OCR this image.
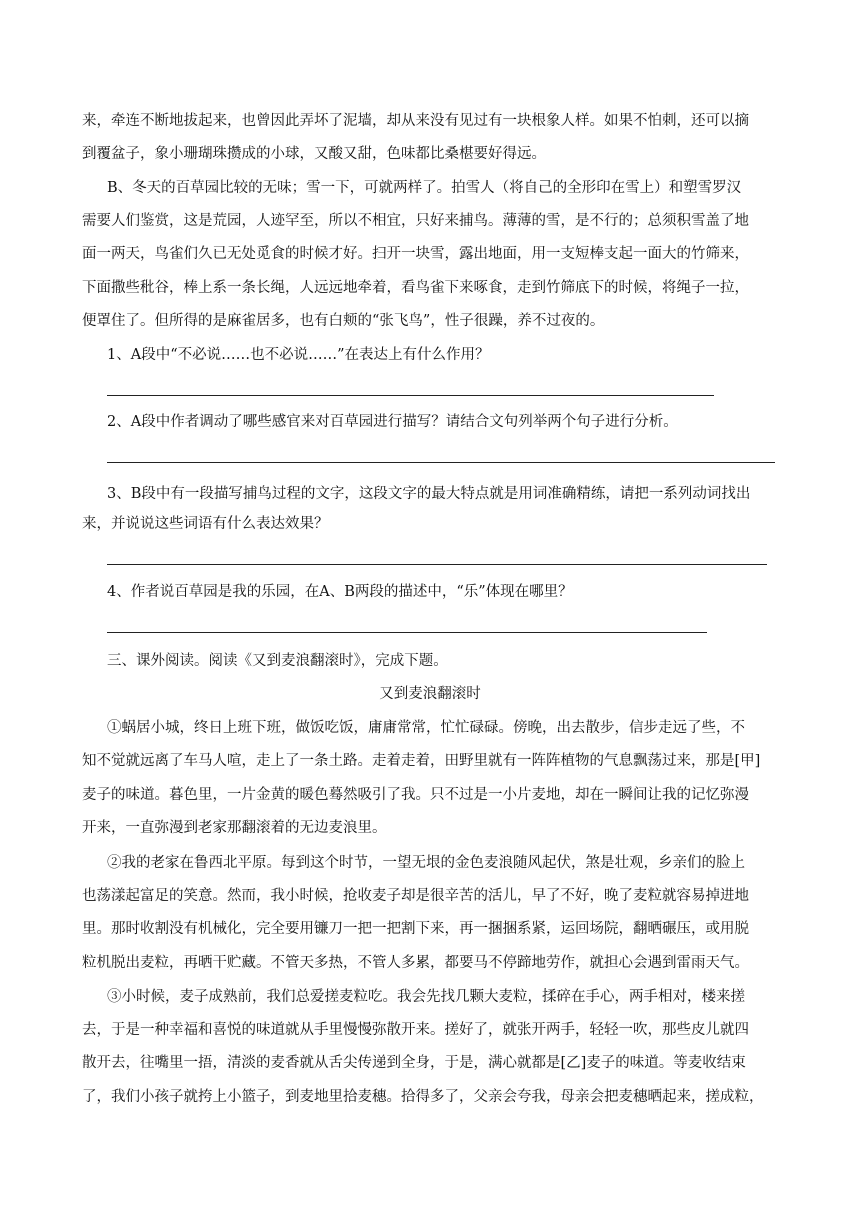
来，牵连不断地拔起来，也曾因此弄坏了泥墙，却从来没有见过有一块根象人样。如果不怕刺，还可以摘
到覆盆子，象小珊瑚珠攒成的小球，又酸又甜，色味都比桑椹要好得远。
B、冬天的百草园比较的无味；雪一下，可就两样了。拍雪人（将自己的全形印在雪上）和塑雪罗汉
需要人们鉴赏，这是荒园，人迹罕至，所以不相宜，只好来捕鸟。薄薄的雪，是不行的；总须积雪盖了地
面一两天，鸟雀们久已无处觅食的时候才好。扫开一块雪，露出地面，用一支短棒支起一面大的竹筛来，
下面撒些秕谷，棒上系一条长绳，人远远地牵着，看鸟雀下来啄食，走到竹筛底下的时候，将绳子一拉，
便罩住了。但所得的是麻雀居多，也有白颊的“张飞鸟”，性子很躁，养不过夜的。
1、A段中“不必说……也不必说……”在表达上有什么作用？
2、A段中作者调动了哪些感官来对百草园进行描写？请结合文句列举两个句子进行分析。
3、B段中有一段描写捕鸟过程的文字，这段文字的最大特点就是用词准确精练，请把一系列动词找出
来，并说说这些词语有什么表达效果？
4、作者说百草园是我的乐园，在A、B两段的描述中，“乐”体现在哪里？
三、课外阅读。阅读《又到麦浪翻滚时》，完成下题。
又到麦浪翻滚时
①蜗居小城，终日上班下班，做饭吃饭，庸庸常常，忙忙碌碌。傍晚，出去散步，信步走远了些，不
知不觉就远离了车马人喧，走上了一条土路。走着走着，田野里就有一阵阵植物的气息飘荡过来，那是[甲]
麦子的味道。暮色里，一片金黄的暖色蓦然吸引了我。只不过是一小片麦地，却在一瞬间让我的记忆弥漫
开来，一直弥漫到老家那翻滚着的无边麦浪里。
②我的老家在鲁西北平原。每到这个时节，一望无垠的金色麦浪随风起伏，煞是壮观，乡亲们的脸上
也荡漾起富足的笑意。然而，我小时候，抢收麦子却是很辛苦的活儿，早了不好，晚了麦粒就容易掉进地
里。那时收割没有机械化，完全要用镰刀一把一把割下来，再一捆捆系紧，运回场院，翻晒碾压，或用脱
粒机脱出麦粒，再晒干贮藏。不管天多热，不管人多累，都要马不停蹄地劳作，就担心会遇到雷雨天气。
③小时候，麦子成熟前，我们总爱搓麦粒吃。我会先找几颗大麦粒，揉碎在手心，两手相对，楼来搓
去，于是一种幸福和喜悦的味道就从手里慢慢弥散开来。搓好了，就张开两手，轻轻一吹，那些皮儿就四
散开去，往嘴里一捂，清淡的麦香就从舌尖传递到全身，于是，满心就都是[乙]麦子的味道。等麦收结束
了，我们小孩子就挎上小篮子，到麦地里拾麦穗。拾得多了，父亲会夸我，母亲会把麦穗晒起来，搓成粒，
